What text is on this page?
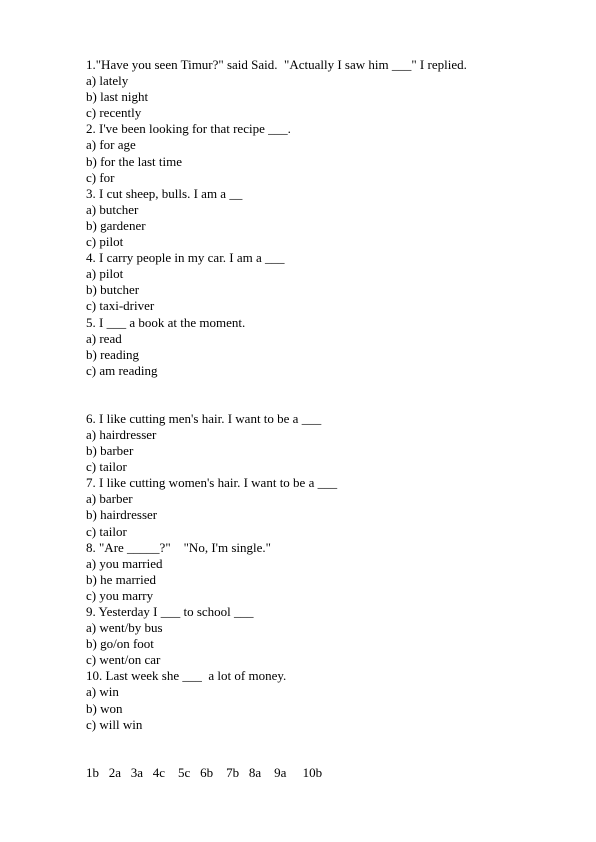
1."Have you seen Timur?" said Said.  "Actually I saw him ___" I replied.
a) lately
b) last night
c) recently
2. I've been looking for that recipe ___.
a) for age
b) for the last time
c) for
3. I cut sheep, bulls. I am a __
a) butcher
b) gardener
c) pilot
4. I carry people in my car. I am a ___
a) pilot
b) butcher
c) taxi-driver
5. I ___ a book at the moment.
a) read
b) reading
c) am reading
6. I like cutting men's hair. I want to be a ___
a) hairdresser
b) barber
c) tailor
7. I like cutting women's hair. I want to be a ___
a) barber
b) hairdresser
c) tailor
8. "Are _____?"    "No, I'm single."
a) you married
b) he married
c) you marry
9. Yesterday I ___ to school ___
a) went/by bus
b) go/on foot
c) went/on car
10. Last week she ___  a lot of money.
a) win
b) won
c) will win
1b   2a   3a   4c    5c   6b    7b   8a    9a     10b
